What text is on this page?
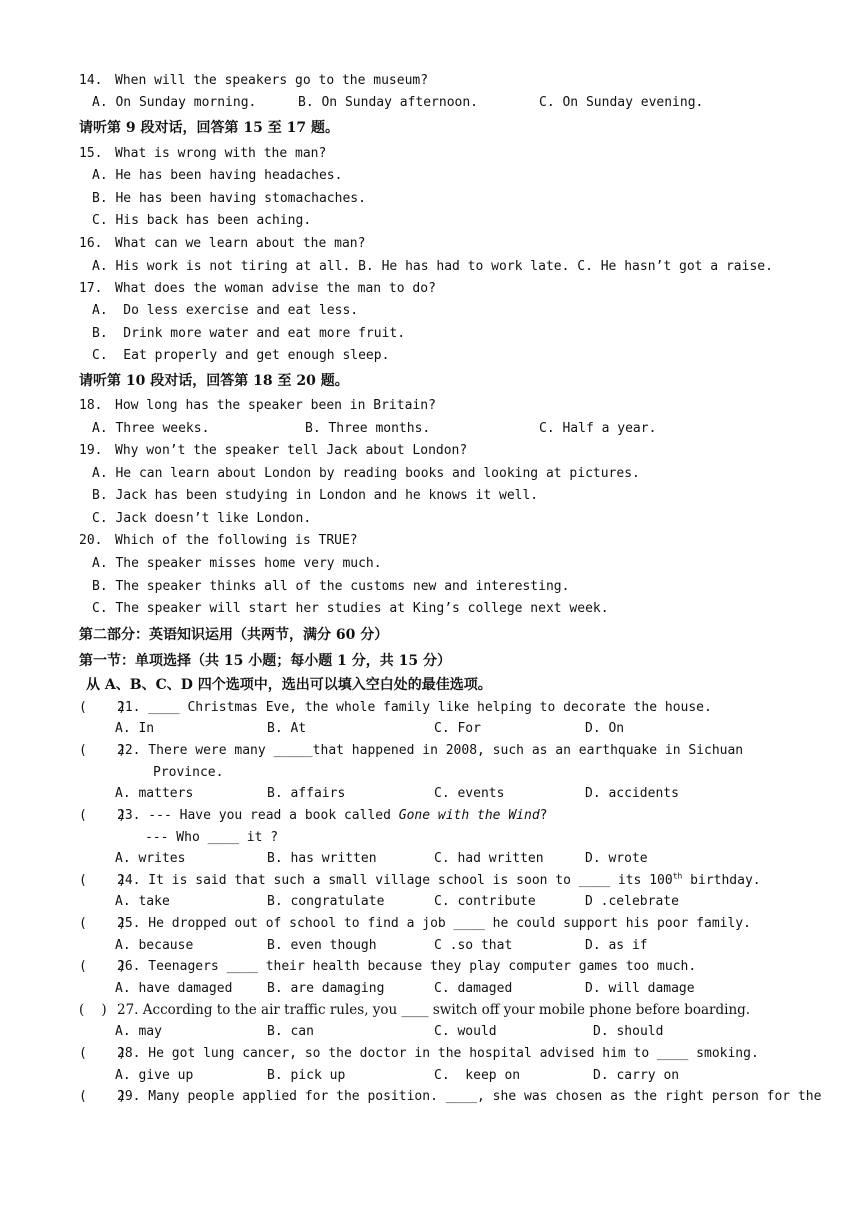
14. When will the speakers go to the museum?

A. On Sunday morning.

	B. On Sunday afternoon.

	C. On Sunday evening.

请听第 9 段对话，回答第 15 至 17 题。
15. What is wrong with the man?
A. He has been having headaches.
B. He has been having stomachaches.
C. His back has been aching.
16. What can we learn about the man?
A. His work is not tiring at all. B. He has had to work late. C. He hasn’t got a raise.
17. What does the woman advise the man to do?
A.  Do less exercise and eat less.
B.  Drink more water and eat more fruit.
C.  Eat properly and get enough sleep.
请听第 10 段对话，回答第 18 至 20 题。
18. How long has the speaker been in Britain?

A. Three weeks.

	B. Three months.

	C. Half a year.

19. Why won’t the speaker tell Jack about London?
A. He can learn about London by reading books and looking at pictures.
B. Jack has been studying in London and he knows it well.
C. Jack doesn’t like London.
20. Which of the following is TRUE?
A. The speaker misses home very much.
B. The speaker thinks all of the customs new and interesting.
C. The speaker will start her studies at King’s college next week.
第二部分：英语知识运用（共两节，满分 60 分）
第一节：单项选择（共 15 小题；每小题 1 分，共 15 分）
从 A、B、C、D 四个选项中，选出可以填入空白处的最佳选项。
(    )21. ____ Christmas Eve, the whole family like helping to decorate the house.

A. In

	B. At

	C. For

	D. On

(    )22. There were many _____that happened in 2008, such as an earthquake in Sichuan
Province.

A. matters

	B. affairs

	C. events

	D. accidents

(    )23. --- Have you read a book called Gone with the Wind?
--- Who ____ it ?

A. writes

	B. has written

	C. had written

	D. wrote

(    )24. It is said that such a small village school is soon to ____ its 100th birthday.

A. take

	B. congratulate

	C. contribute

	D .celebrate

(    )25. He dropped out of school to find a job ____ he could support his poor family.

A. because

	B. even though

	C .so that

	D. as if

(    )26. Teenagers ____ their health because they play computer games too much.

A. have damaged

	B. are damaging

	C. damaged

	D. will damage

(    ) 27. According to the air traffic rules, you ____ switch off your mobile phone before boarding.

A. may

	B. can

	C. would

	D. should

(    )28. He got lung cancer, so the doctor in the hospital advised him to ____ smoking.

A. give up

	B. pick up

	C.  keep on

	D. carry on

(    )29. Many people applied for the position. ____, she was chosen as the right person for the
